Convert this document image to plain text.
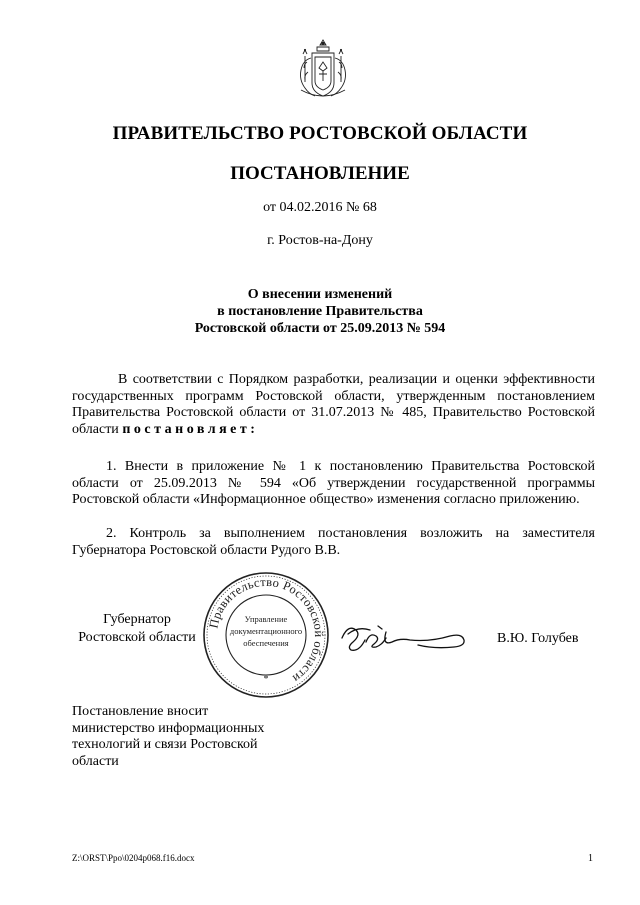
ПРАВИТЕЛЬСТВО РОСТОВСКОЙ ОБЛАСТИ
ПОСТАНОВЛЕНИЕ
от 04.02.2016 № 68
г. Ростов-на-Дону
О внесении изменений
в постановление Правительства
Ростовской области от 25.09.2013 № 594
В соответствии с Порядком разработки, реализации и оценки эффективности государственных программ Ростовской области, утвержденным постановлением Правительства Ростовской области от 31.07.2013 № 485, Правительство Ростовской области постановляет:
1. Внести в приложение № 1 к постановлению Правительства Ростовской области от 25.09.2013 № 594 «Об утверждении государственной программы Ростовской области «Информационное общество» изменения согласно приложению.
2. Контроль за выполнением постановления возложить на заместителя Губернатора Ростовской области Рудого В.В.
Губернатор
Ростовской области
Правительство Ростовской области
Управление
документационного
обеспечения
*
В.Ю. Голубев
Постановление вносит
министерство информационных
технологий и связи Ростовской
области
Z:\ORST\Ppo\0204p068.f16.docx	1
